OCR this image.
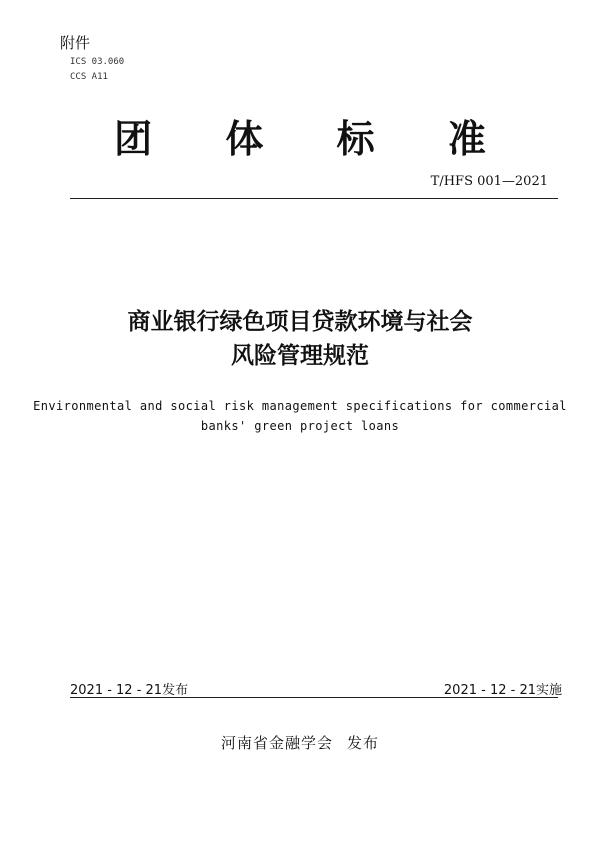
附件
ICS 03.060
CCS A11
团 体 标 准
T/HFS 001—2021
商业银行绿色项目贷款环境与社会
风险管理规范
Environmental and social risk management specifications for commercial
banks' green project loans
2021 - 12 - 21发布	2021 - 12 - 21实施
河南省金融学会 发布
